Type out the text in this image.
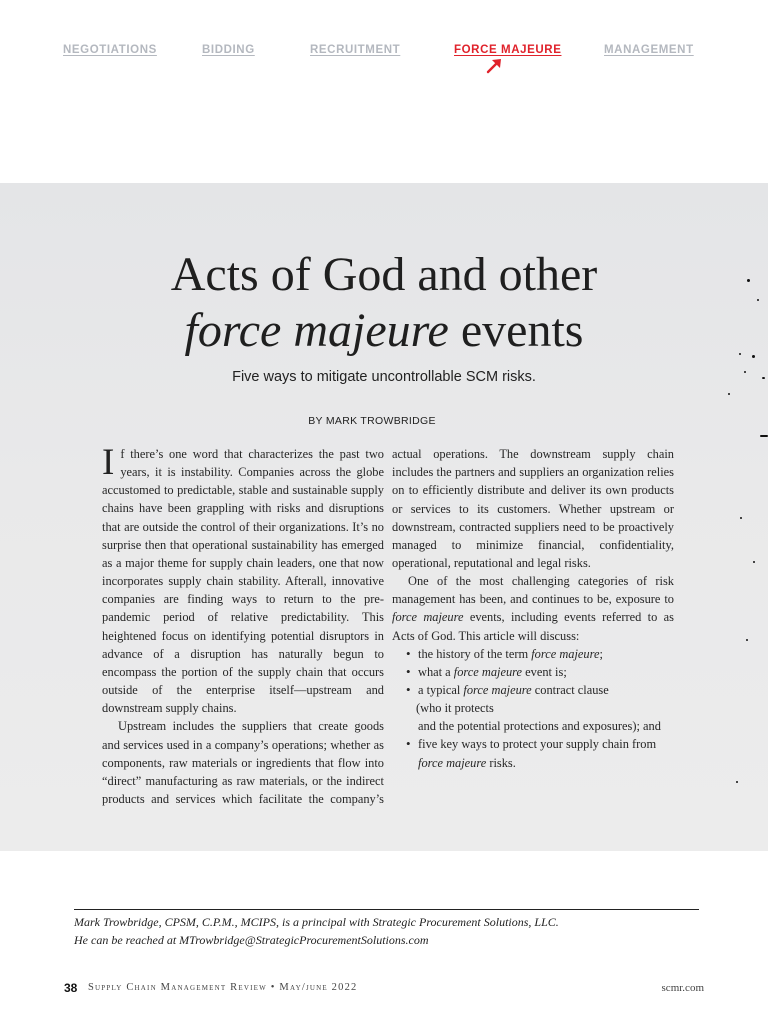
NEGOTIATIONS	BIDDING	RECRUITMENT	FORCE MAJEURE	MANAGEMENT
Acts of God and other
force majeure events
Five ways to mitigate uncontrollable SCM risks.
BY MARK TROWBRIDGE

If there’s one word that characterizes the past two years, it is instability. Companies across the globe accustomed to predictable, stable and sustainable supply chains have been grappling with risks and disruptions that are outside the control of their organizations. It’s no surprise then that operational sustainability has emerged as a major theme for supply chain leaders, one that now incorporates supply chain stability. Afterall, innovative companies are finding ways to return to the pre-pandemic period of relative predictability. This heightened focus on identifying potential disruptors in advance of a disruption has naturally begun to encompass the portion of the supply chain that occurs outside of the enterprise itself—upstream and downstream supply chains.

Upstream includes the suppliers that create goods and services used in a company’s operations; whether as components, raw materials or ingredients that flow into “direct” manufacturing as raw materials, or the indirect products and services which facilitate the company’s

actual operations. The downstream supply chain includes the partners and suppliers an organization relies on to efficiently distribute and deliver its own products or services to its customers. Whether upstream or downstream, contracted suppliers need to be proactively managed to minimize financial, confidentiality, operational, reputational and legal risks.

One of the most challenging categories of risk management has been, and continues to be, exposure to force majeure events, including events referred to as Acts of God. This article will discuss:

• the history of the term force majeure;
• what a force majeure event is;
• a typical force majeure contract clause
(who it protects
and the potential protections and exposures); and
• five key ways to protect your supply chain from
force majeure risks.
Mark Trowbridge, CPSM, C.P.M., MCIPS, is a principal with Strategic Procurement Solutions, LLC.
He can be reached at MTrowbridge@StrategicProcurementSolutions.com
38 Supply Chain Management Review • May/june 2022	scmr.com
